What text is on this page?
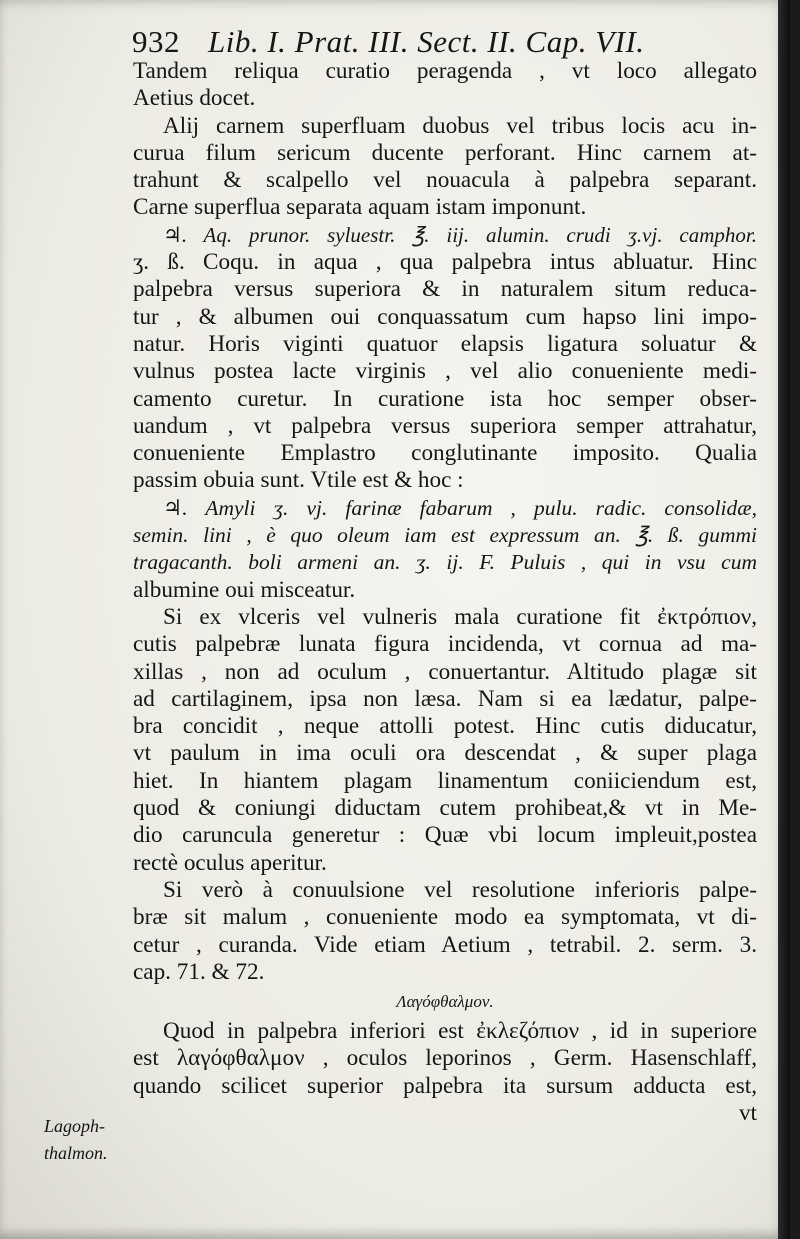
932 Lib. I. Prat. III. Sect. II. Cap. VII.

Tandem reliqua curatio peragenda , vt loco allegato

Aetius docet.

Alij carnem superfluam duobus vel tribus locis acu in-

curua filum sericum ducente perforant. Hinc carnem at-

trahunt & scalpello vel nouacula à palpebra separant.

Carne superflua separata aquam istam imponunt.

♃. Aq. prunor. syluestr. ℥. iij. alumin. crudi ʒ.vj. camphor.

ʒ. ß. Coqu. in aqua , qua palpebra intus abluatur. Hinc

palpebra versus superiora & in naturalem situm reduca-

tur , & albumen oui conquassatum cum hapso lini impo-

natur. Horis viginti quatuor elapsis ligatura soluatur &

vulnus postea lacte virginis , vel alio conueniente medi-

camento curetur. In curatione ista hoc semper obser-

uandum , vt palpebra versus superiora semper attrahatur,

conueniente Emplastro conglutinante imposito. Qualia

passim obuia sunt. Vtile est & hoc :

♃. Amyli ʒ. vj. farinæ fabarum , pulu. radic. consolidæ,

semin. lini , è quo oleum iam est expressum an. ℥. ß. gummi

tragacanth. boli armeni an. ʒ. ij. F. Puluis , qui in vsu cum

albumine oui misceatur.

Si ex vlceris vel vulneris mala curatione fit ἐκτρόπιον,

cutis palpebræ lunata figura incidenda, vt cornua ad ma-

xillas , non ad oculum , conuertantur. Altitudo plagæ sit

ad cartilaginem, ipsa non læsa. Nam si ea lædatur, palpe-

bra concidit , neque attolli potest. Hinc cutis diducatur,

vt paulum in ima oculi ora descendat , & super plaga

hiet. In hiantem plagam linamentum coniiciendum est,

quod & coniungi diductam cutem prohibeat,& vt in Me-

dio caruncula generetur : Quæ vbi locum impleuit,postea

rectè oculus aperitur.

Si verò à conuulsione vel resolutione inferioris palpe-

bræ sit malum , conueniente modo ea symptomata, vt di-

cetur , curanda. Vide etiam Aetium , tetrabil. 2. serm. 3.

cap. 71. & 72.

Λαγόφθαλμον.

Quod in palpebra inferiori est ἐκλεζόπιον , id in superiore

est λαγόφθαλμον , oculos leporinos , Germ. Hasenschlaff,

quando scilicet superior palpebra ita sursum adducta est,

vt

Lagoph-
thalmon.
